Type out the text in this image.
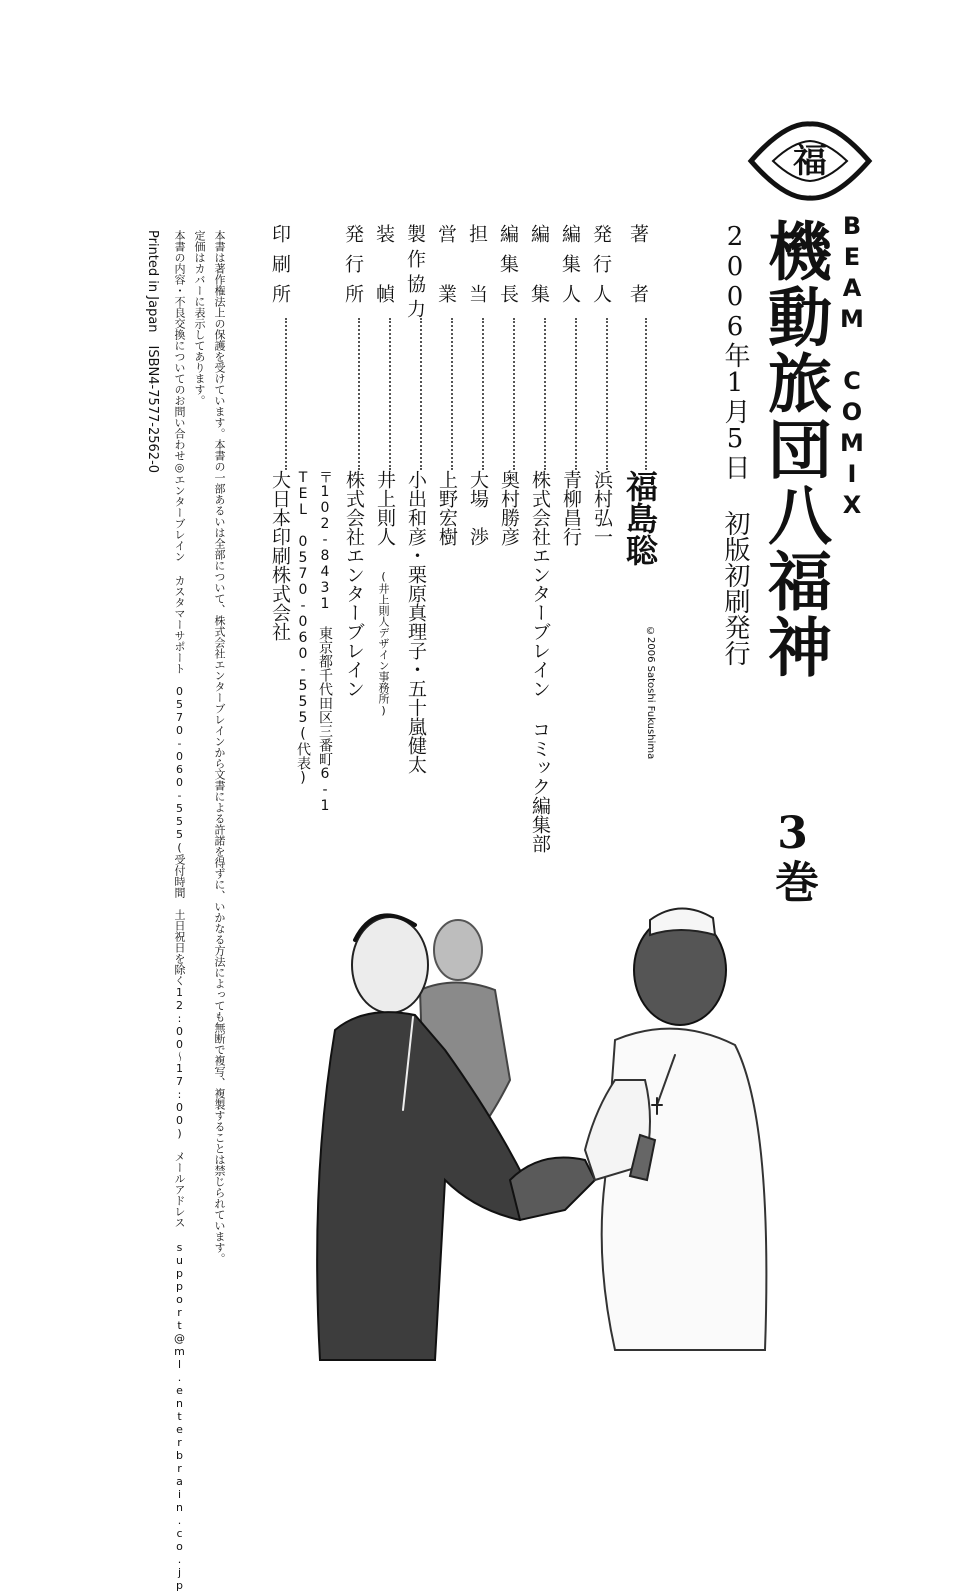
福
BEAM COMIX
機動旅団八福神
3巻
2006年1月5日 初版初刷発行
©2006 Satoshi Fukushima
著　者
発行人
編集人
編　集
編集長
担　当
営　業
製作協力
装　幀
発行所
印刷所
福島聡
浜村弘一
青柳昌行
株式会社エンターブレイン コミック編集部
奥村勝彦
大場　渉
上野宏樹
小出和彦・栗原真理子・五十嵐健太
井上則人
(井上則人デザイン事務所)
株式会社エンターブレイン
〒102-8431　東京都千代田区三番町6-1
TEL 0570-060-555(代表)
大日本印刷株式会社
本書は著作権法上の保護を受けています。本書の一部あるいは全部について、株式会社エンターブレインから文書による許諾を得ずに、いかなる方法によっても無断で複写、複製することは禁じられています。
定価はカバーに表示してあります。
本書の内容・不良交換についてのお問い合わせ◎エンターブレイン カスタマーサポート　0570-060-555(受付時間　土日祝日を除く12:00〜17:00)　メールアドレス support@ml.enterbrain.co.jp
Printed in Japan　ISBN4-7577-2562-0
